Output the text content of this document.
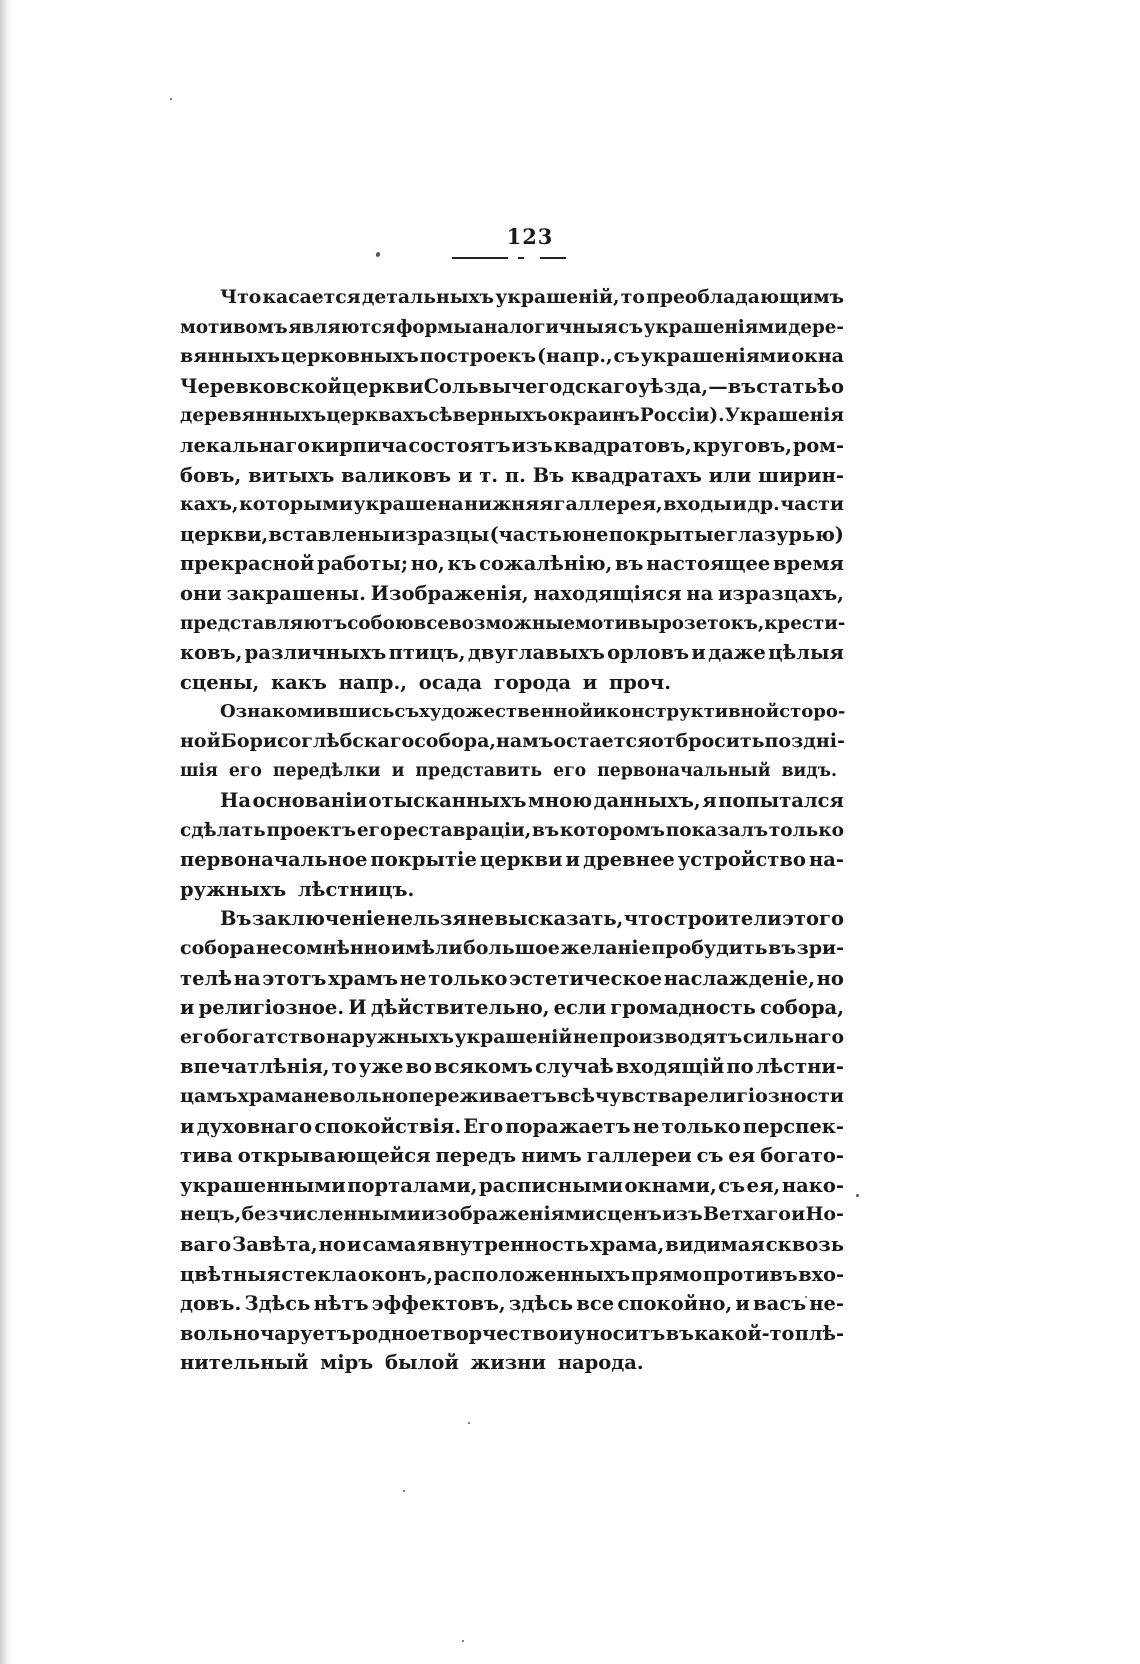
123
Что касается детальныхъ украшеній, то преобладающимъ
мотивомъ являются формы аналогичныя съ украшеніями дере-
вянныхъ церковныхъ построекъ (напр., съ украшеніями окна
Черевковской церкви Сольвычегодскаго уѣзда, — въ статьѣ о
деревянныхъ церквахъ сѣверныхъ окраинъ Россіи). Украшенія
лекальнаго кирпича состоятъ изъ квадратовъ, круговъ, ром-
бовъ, витыхъ валиковъ и т. п. Въ квадратахъ или ширин-
кахъ, которыми украшена нижняя галлерея, входы и др. части
церкви, вставлены изразцы (частью не покрытые глазурью)
прекрасной работы; но, къ сожалѣнію, въ настоящее время
они закрашены. Изображенія, находящіяся на изразцахъ,
представляютъ собою всевозможные мотивы розетокъ, крести-
ковъ, различныхъ птицъ, двуглавыхъ орловъ и даже цѣлыя
сцены, какъ напр., осада города и проч.
Ознакомившись съ художественной и конструктивной сторо-
ной Борисоглѣбскаго собора, намъ остается отбросить поздні-
шія его передѣлки и представить его первоначальный видъ.
На основаніи отысканныхъ мною данныхъ, я попытался
сдѣлать проектъ его реставраціи, въ которомъ показалъ только
первоначальное покрытіе церкви и древнее устройство на-
ружныхъ лѣстницъ.
Въ заключеніе нельзя не высказать, что строители этого
собора несомнѣнно имѣли большое желаніе пробудить въ зри-
телѣ на этотъ храмъ не только эстетическое наслажденіе, но
и религіозное. И дѣйствительно, если громадность собора,
его богатство наружныхъ украшеній не производятъ сильнаго
впечатлѣнія, то уже во всякомъ случаѣ входящій по лѣстни-
цамъ храма невольно переживаетъ всѣ чувства религіозности
и духовнаго спокойствія. Его поражаетъ не только перспек-
тива открывающейся передъ нимъ галлереи съ ея богато-
украшенными порталами, расписными окнами, съ ея, нако-
нецъ, безчисленными изображеніями сценъ изъ Ветхаго и Но-
ваго Завѣта, но и самая внутренность храма, видимая сквозь
цвѣтныя стекла оконъ, расположенныхъ прямо противъ вхо-
довъ. Здѣсь нѣтъ эффектовъ, здѣсь все спокойно, и васъ не-
вольно чаруетъ родное творчество и уноситъ въ какой-то плѣ-
нительный міръ былой жизни народа.
